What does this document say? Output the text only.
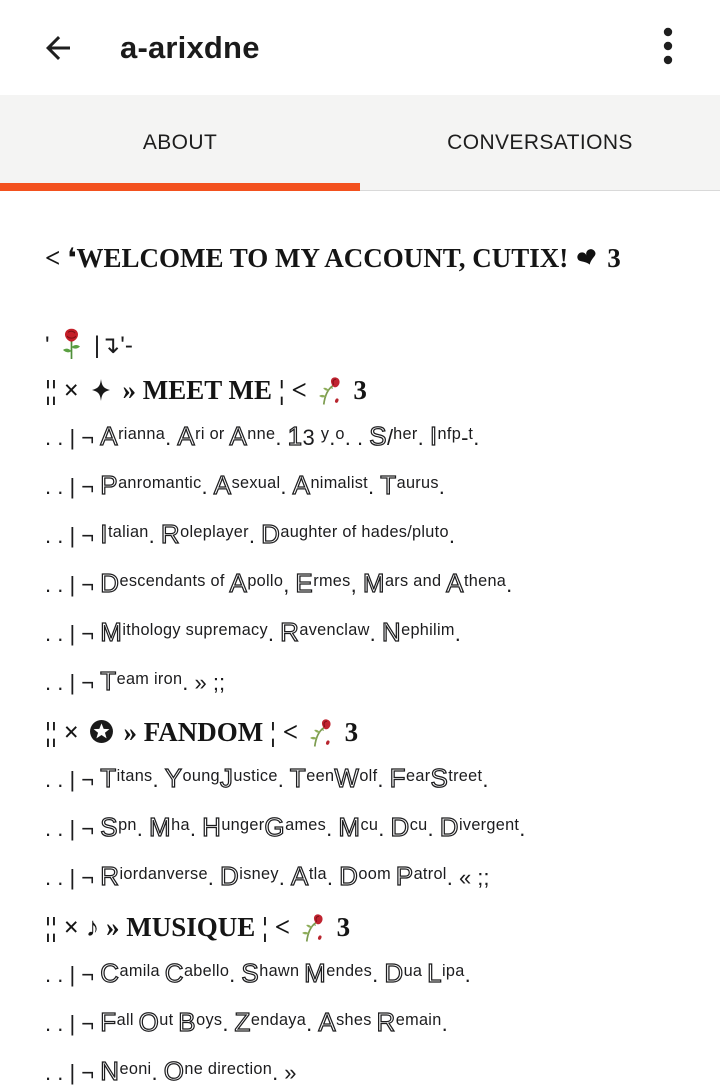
a-arixdne
ABOUT	CONVERSATIONS
< ❛WELCOME TO MY ACCOUNT, CUTIX! ❤ 3
'  |↴'-
¦¦ ×  » MEET ME ¦ <  3
. . | ¬ $A^{rianna}$. $A^{ri or}$ $A^{nne}$. 13 $^y$.$^o$. . S/$^{her}$. $I^{nfp}-^t$.
. . | ¬ $P^{anromantic}$. $A^{sexual}$. $A^{nimalist}$. $T^{aurus}$.
. . | ¬ $I^{talian}$. $R^{oleplayer}$. $D^{aughter of hades/pluto}$.
. . | ¬ $D^{escendants of}$ $A^{pollo}$, $E^{rmes}$, $M^{ars and}$ $A^{thena}$.
. . | ¬ $M^{ithology supremacy}$. $R^{avenclaw}$. $N^{ephilim}$.
. . | ¬ $T^{eam iron}$. » ;;
¦¦ ×  » FANDOM ¦ <  3
. . | ¬ $T^{itans}$. $Y^{oung}J^{ustice}$. $T^{een}W^{olf}$. $F^{ear}S^{treet}$.
. . | ¬ $S^{pn}$. $M^{ha}$. $H^{unger}G^{ames}$. $M^{cu}$. $D^{cu}$. $D^{ivergent}$.
. . | ¬ $R^{iordanverse}$. $D^{isney}$. $A^{tla}$. $D^{oom}$ $P^{atrol}$. « ;;
¦¦ × ♪ » MUSIQUE ¦ <  3
. . | ¬ $C^{amila}$ $C^{abello}$. $S^{hawn}$ $M^{endes}$. $D^{ua}$ $L^{ipa}$.
. . | ¬ $F^{all}$ $O^{ut}$ $B^{oys}$. $Z^{endaya}$. $A^{shes}$ $R^{emain}$.
. . | ¬ $N^{eoni}$. $O^{ne direction}$. »
